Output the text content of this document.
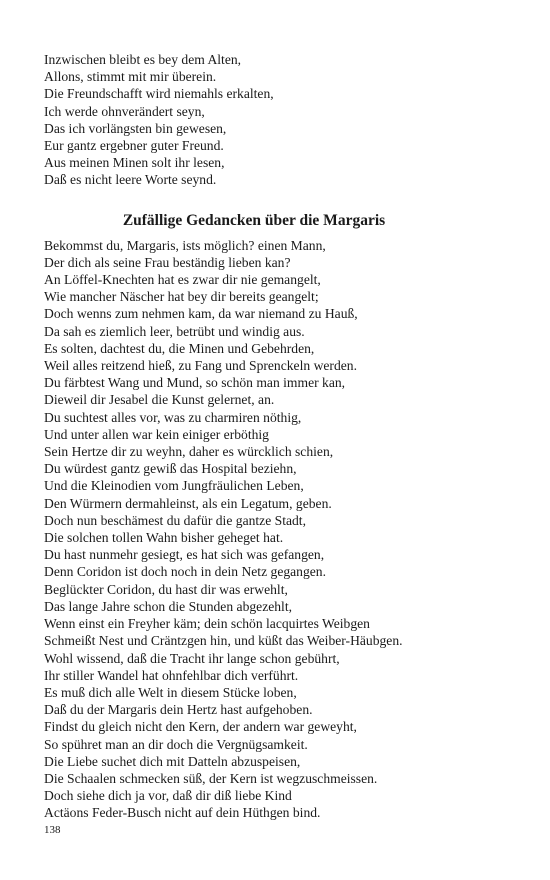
Inzwischen bleibt es bey dem Alten,
Allons, stimmt mit mir überein.
Die Freundschafft wird niemahls erkalten,
Ich werde ohnverändert seyn,
Das ich vorlängsten bin gewesen,
Eur gantz ergebner guter Freund.
Aus meinen Minen solt ihr lesen,
Daß es nicht leere Worte seynd.
Zufällige Gedancken über die Margaris
Bekommst du, Margaris, ists möglich? einen Mann,
Der dich als seine Frau beständig lieben kan?
An Löffel-Knechten hat es zwar dir nie gemangelt,
Wie mancher Näscher hat bey dir bereits geangelt;
Doch wenns zum nehmen kam, da war niemand zu Hauß,
Da sah es ziemlich leer, betrübt und windig aus.
Es solten, dachtest du, die Minen und Gebehrden,
Weil alles reitzend hieß, zu Fang und Sprenckeln werden.
Du färbtest Wang und Mund, so schön man immer kan,
Dieweil dir Jesabel die Kunst gelernet, an.
Du suchtest alles vor, was zu charmiren nöthig,
Und unter allen war kein einiger erböthig
Sein Hertze dir zu weyhn, daher es würcklich schien,
Du würdest gantz gewiß das Hospital beziehn,
Und die Kleinodien vom Jungfräulichen Leben,
Den Würmern dermahleinst, als ein Legatum, geben.
Doch nun beschämest du dafür die gantze Stadt,
Die solchen tollen Wahn bisher geheget hat.
Du hast nunmehr gesiegt, es hat sich was gefangen,
Denn Coridon ist doch noch in dein Netz gegangen.
Beglückter Coridon, du hast dir was erwehlt,
Das lange Jahre schon die Stunden abgezehlt,
Wenn einst ein Freyher käm; dein schön lacquirtes Weibgen
Schmeißt Nest und Cräntzgen hin, und küßt das Weiber-Häubgen.
Wohl wissend, daß die Tracht ihr lange schon gebührt,
Ihr stiller Wandel hat ohnfehlbar dich verführt.
Es muß dich alle Welt in diesem Stücke loben,
Daß du der Margaris dein Hertz hast aufgehoben.
Findst du gleich nicht den Kern, der andern war geweyht,
So spühret man an dir doch die Vergnügsamkeit.
Die Liebe suchet dich mit Datteln abzuspeisen,
Die Schaalen schmecken süß, der Kern ist wegzuschmeissen.
Doch siehe dich ja vor, daß dir diß liebe Kind
Actäons Feder-Busch nicht auf dein Hüthgen bind.
138
